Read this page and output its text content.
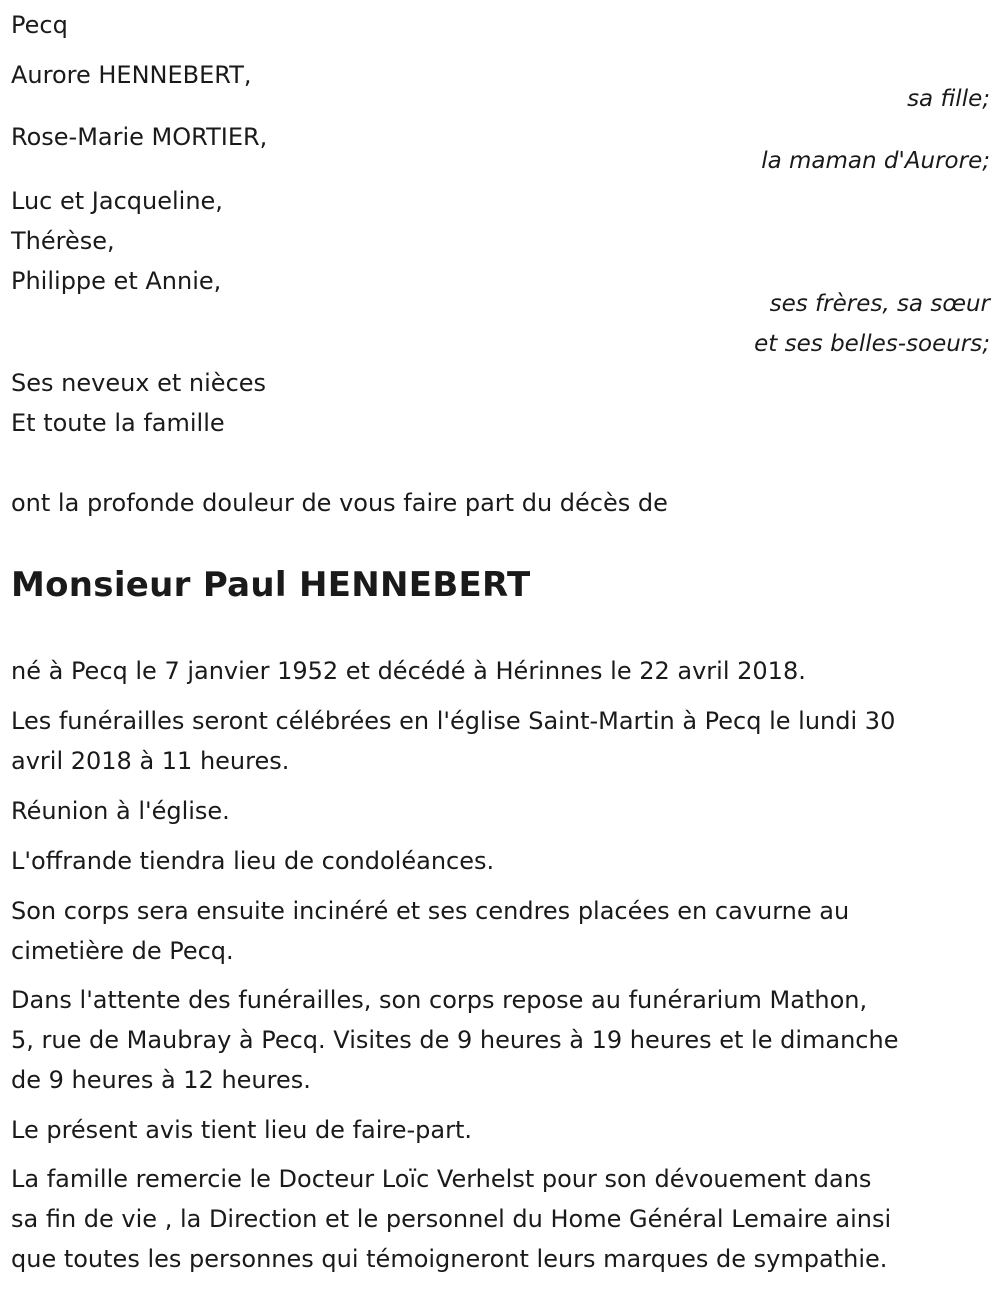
Pecq
Aurore HENNEBERT,
sa fille;
Rose-Marie MORTIER,
la maman d'Aurore;
Luc et Jacqueline,
Thérèse,
Philippe et Annie,
ses frères, sa sœur
et ses belles-soeurs;
Ses neveux et nièces
Et toute la famille
ont la profonde douleur de vous faire part du décès de
Monsieur Paul HENNEBERT
né à Pecq le 7 janvier 1952 et décédé à Hérinnes le 22 avril 2018.
Les funérailles seront célébrées en l'église Saint-Martin à Pecq le lundi 30
avril 2018 à 11 heures.
Réunion à l'église.
L'offrande tiendra lieu de condoléances.
Son corps sera ensuite incinéré et ses cendres placées en cavurne au
cimetière de Pecq.
Dans l'attente des funérailles, son corps repose au funérarium Mathon,
5, rue de Maubray à Pecq. Visites de 9 heures à 19 heures et le dimanche
de 9 heures à 12 heures.
Le présent avis tient lieu de faire-part.
La famille remercie le Docteur Loïc Verhelst pour son dévouement dans
sa fin de vie , la Direction et le personnel du Home Général Lemaire ainsi
que toutes les personnes qui témoigneront leurs marques de sympathie.
